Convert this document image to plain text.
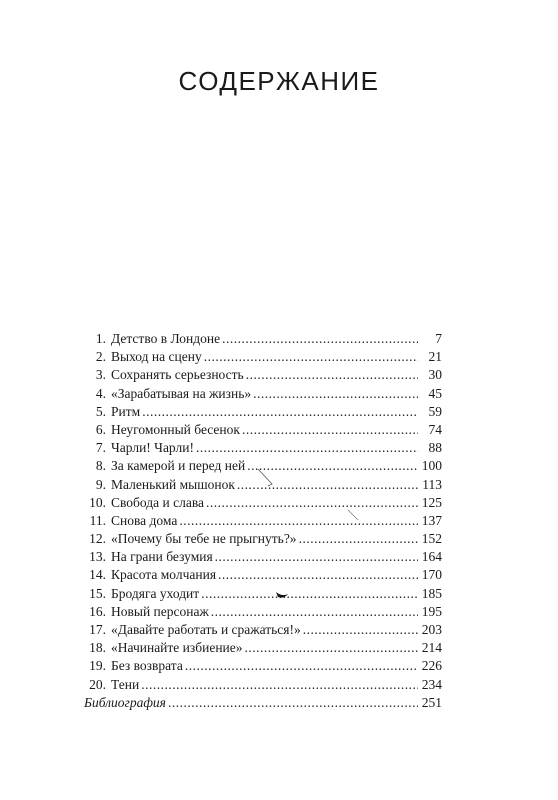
СОДЕРЖАНИЕ
1. Детство в Лондоне .....	7
2. Выход на сцену .....	21
3. Сохранять серьезность .....	30
4. «Зарабатывая на жизнь» .....	45
5. Ритм .....	59
6. Неугомонный бесенок .....	74
7. Чарли! Чарли! .....	88
8. За камерой и перед ней .....	100
9. Маленький мышонок .....	113
10. Свобода и слава .....	125
11. Снова дома .....	137
12. «Почему бы тебе не прыгнуть?» .....	152
13. На грани безумия .....	164
14. Красота молчания .....	170
15. Бродяга уходит .....	185
16. Новый персонаж .....	195
17. «Давайте работать и сражаться!» .....	203
18. «Начинайте избиение» .....	214
19. Без возврата .....	226
20. Тени .....	234
Библиография .....	251
